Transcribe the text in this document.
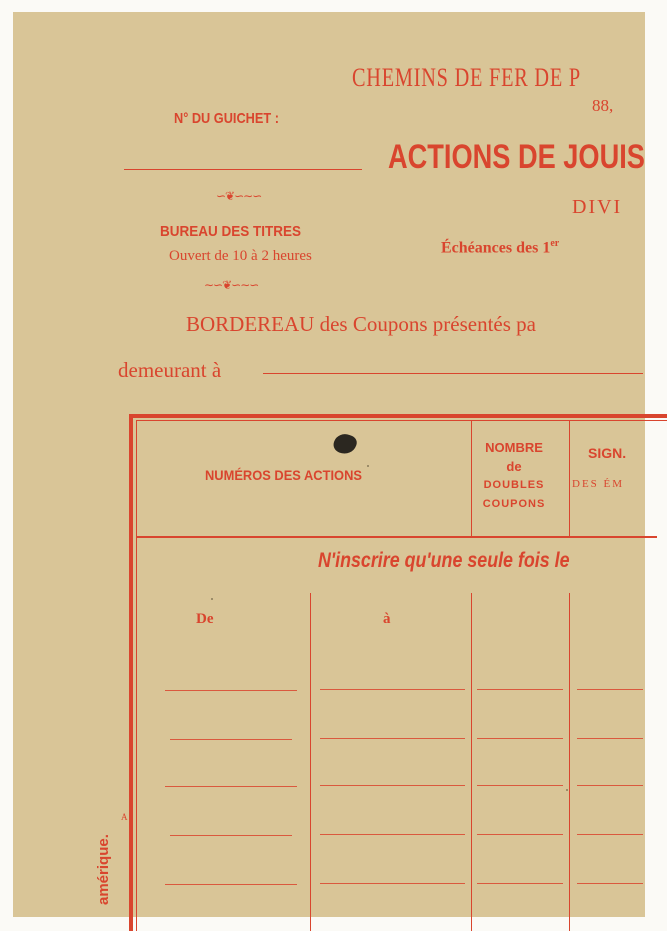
CHEMINS DE FER DE P
88,
N° DU GUICHET :
ACTIONS DE JOUIS
DIVI
Échéances des 1er
∽❦∽∼∽
BUREAU DES TITRES
Ouvert de 10 à 2 heures
∼∽❦∽∼∽
BORDEREAU des Coupons présentés pa
demeurant à
NUMÉROS DES ACTIONS
NOMBRE
de
DOUBLES
COUPONS
SIGN.
DES ÉM
N'inscrire qu'une seule fois le
De	à
amérique.
A
